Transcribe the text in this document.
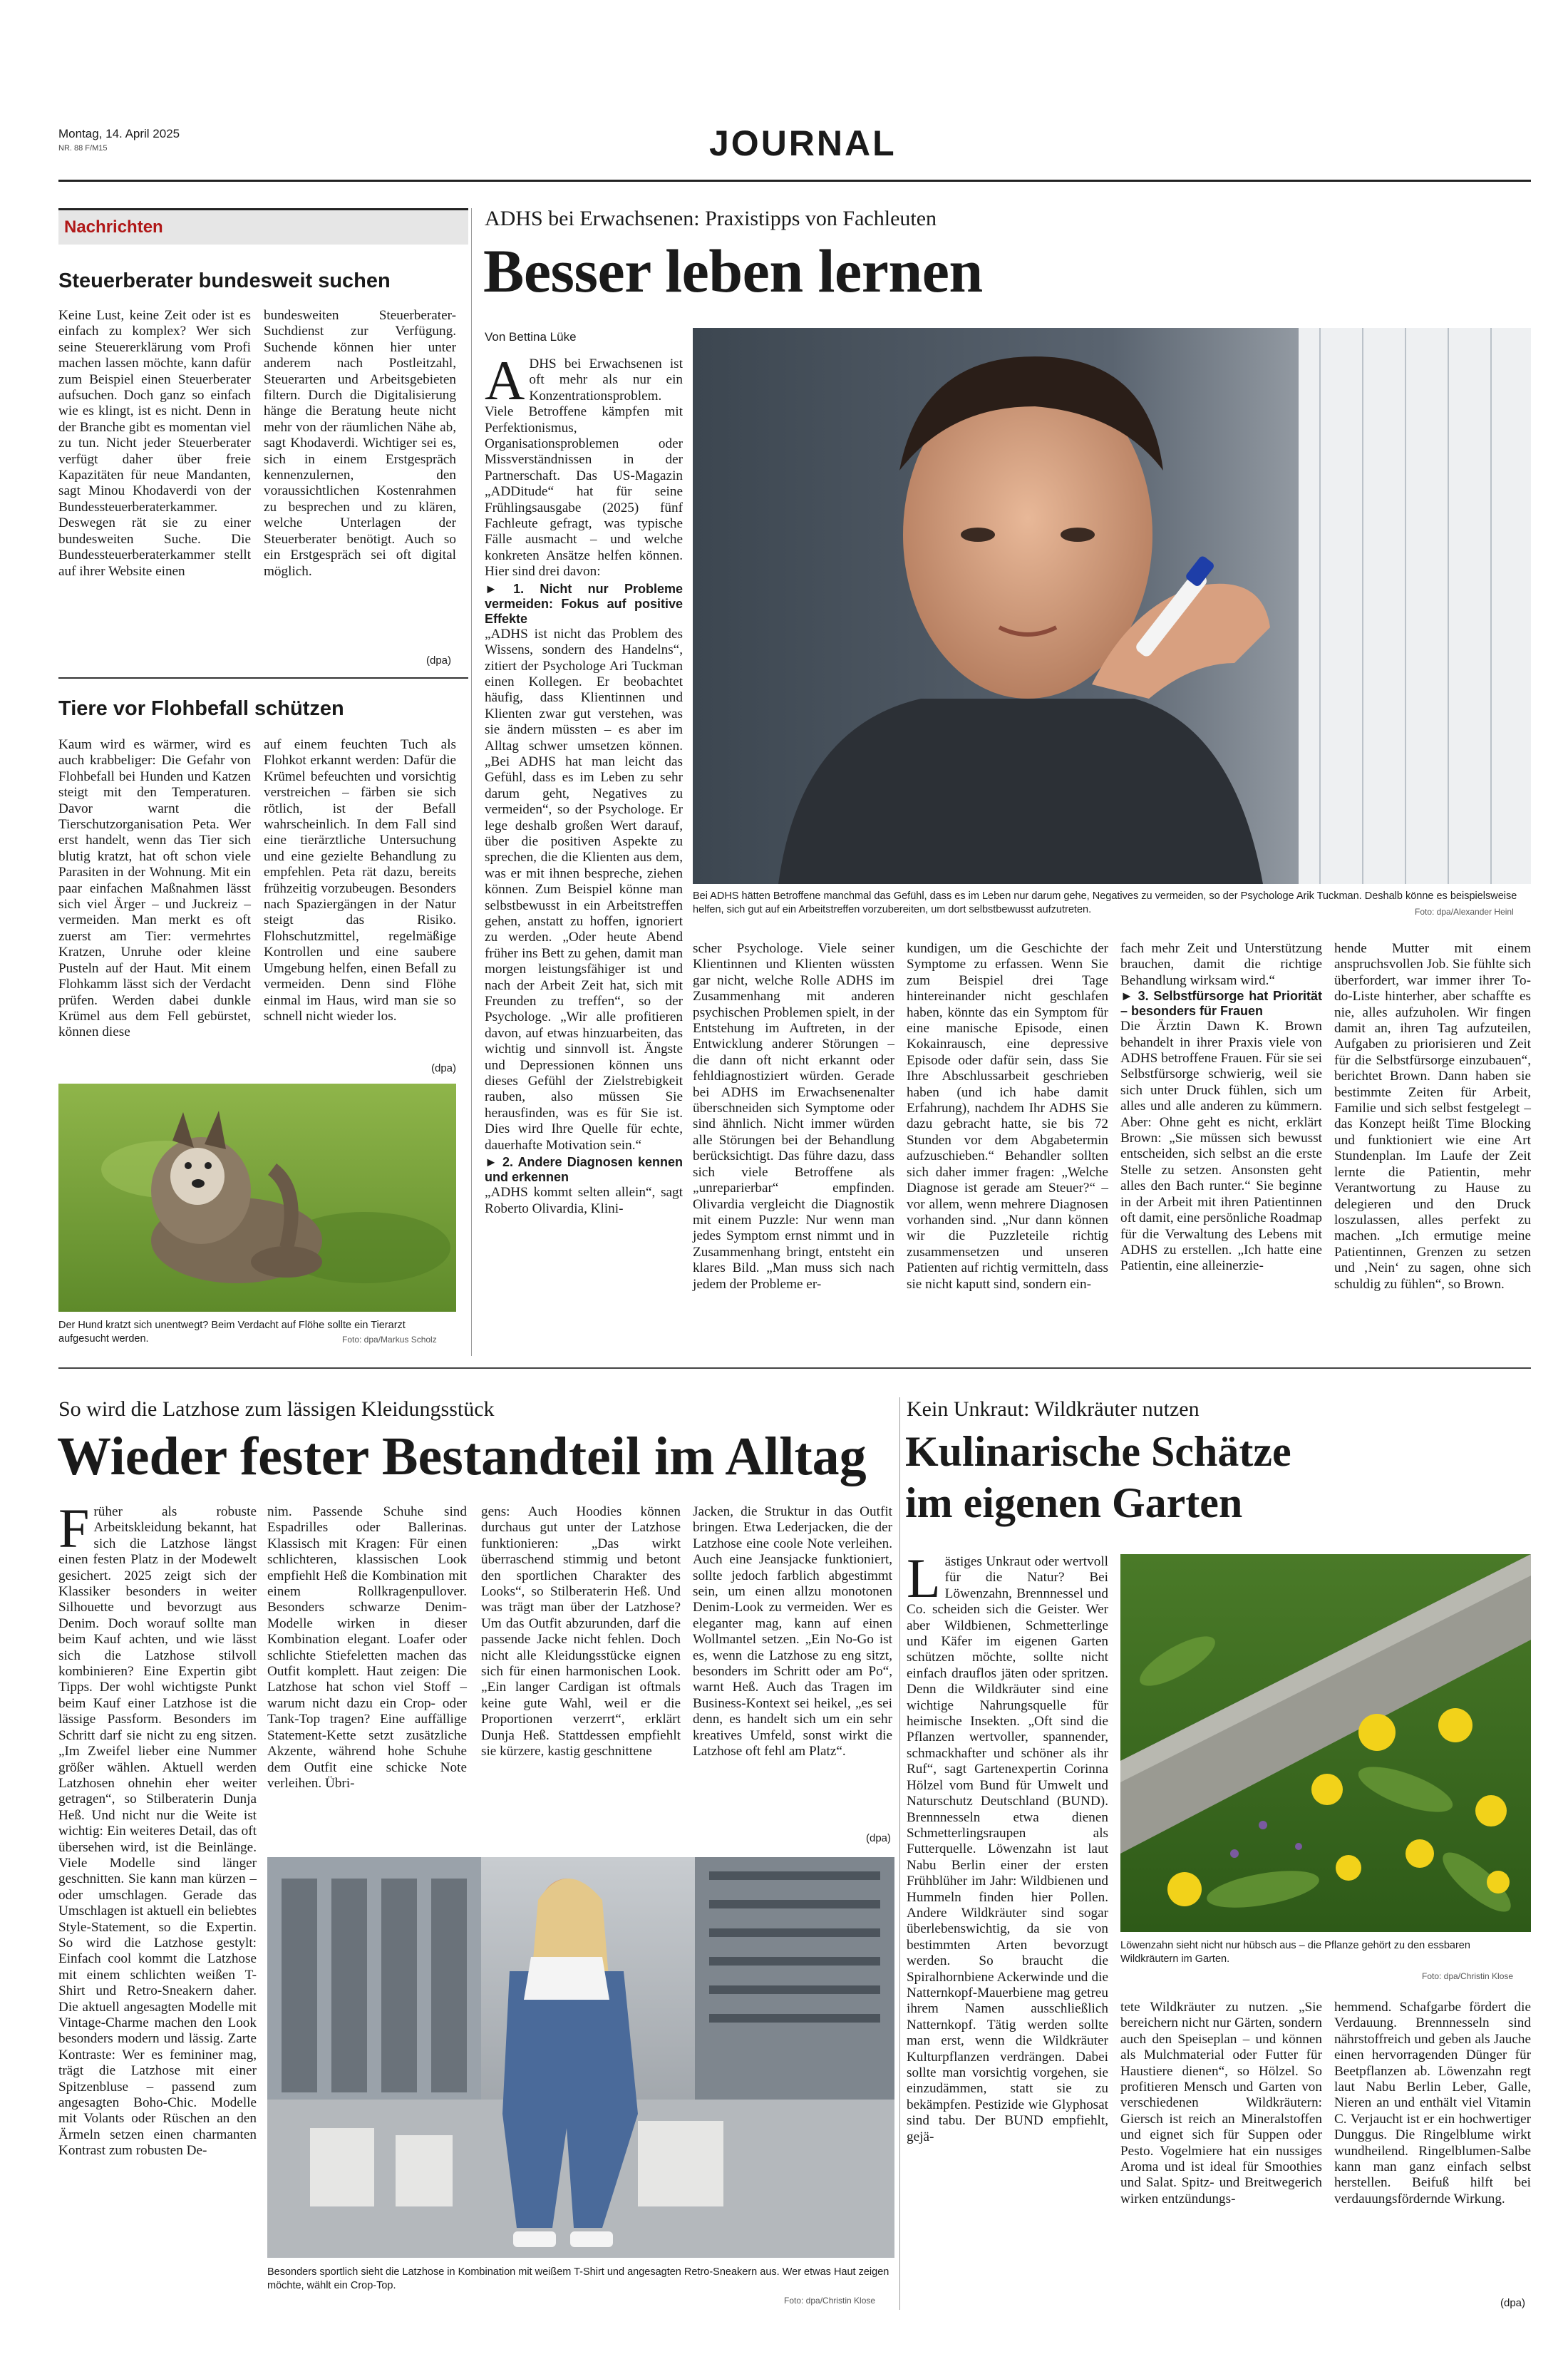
Montag, 14. April 2025
NR. 88 F/M15	JOURNAL
Nachrichten
Steuerberater bundesweit suchen
Keine Lust, keine Zeit oder ist es einfach zu komplex? Wer sich seine Steuererklärung vom Profi machen lassen möchte, kann dafür zum Beispiel einen Steuerberater aufsuchen. Doch ganz so einfach wie es klingt, ist es nicht. Denn in der Branche gibt es momentan viel zu tun. Nicht jeder Steuerberater verfügt daher über freie Kapazitäten für neue Mandanten, sagt Minou Khodaverdi von der Bundessteuerberaterkammer. Deswegen rät sie zu einer bundesweiten Suche. Die Bundessteuerberaterkammer stellt auf ihrer Website einen
bundesweiten Steuerberater-Suchdienst zur Verfügung. Suchende können hier unter anderem nach Postleitzahl, Steuerarten und Arbeitsgebieten filtern. Durch die Digitalisierung hänge die Beratung heute nicht mehr von der räumlichen Nähe ab, sagt Khodaverdi. Wichtiger sei es, sich in einem Erstgespräch kennenzulernen, den voraussichtlichen Kostenrahmen zu besprechen und zu klären, welche Unterlagen der Steuerberater benötigt. Auch so ein Erstgespräch sei oft digital möglich.
(dpa)
Tiere vor Flohbefall schützen
Kaum wird es wärmer, wird es auch krabbeliger: Die Gefahr von Flohbefall bei Hunden und Katzen steigt mit den Temperaturen. Davor warnt die Tierschutzorganisation Peta. Wer erst handelt, wenn das Tier sich blutig kratzt, hat oft schon viele Parasiten in der Wohnung. Mit ein paar einfachen Maßnahmen lässt sich viel Ärger – und Juckreiz – vermeiden. Man merkt es oft zuerst am Tier: vermehrtes Kratzen, Unruhe oder kleine Pusteln auf der Haut. Mit einem Flohkamm lässt sich der Verdacht prüfen. Werden dabei dunkle Krümel aus dem Fell gebürstet, können diese
auf einem feuchten Tuch als Flohkot erkannt werden: Dafür die Krümel befeuchten und vorsichtig verstreichen – färben sie sich rötlich, ist der Befall wahrscheinlich. In dem Fall sind eine tierärztliche Untersuchung und eine gezielte Behandlung zu empfehlen. Peta rät dazu, bereits frühzeitig vorzubeugen. Besonders nach Spaziergängen in der Natur steigt das Risiko. Flohschutzmittel, regelmäßige Kontrollen und eine saubere Umgebung helfen, einen Befall zu vermeiden. Denn sind Flöhe einmal im Haus, wird man sie so schnell nicht wieder los.
(dpa)
Der Hund kratzt sich unentwegt? Beim Verdacht auf Flöhe sollte ein Tierarzt aufgesucht werden.	Foto: dpa/Markus Scholz
ADHS bei Erwachsenen: Praxistipps von Fachleuten
Besser leben lernen
Von Bettina Lüke
A DHS bei Erwachsenen ist oft mehr als nur ein Konzentrationsproblem. Viele Betroffene kämpfen mit Perfektionismus, Organisationsproblemen oder Missverständnissen in der Partnerschaft. Das US-Magazin „ADDitude“ hat für seine Frühlingsausgabe (2025) fünf Fachleute gefragt, was typische Fälle ausmacht – und welche konkreten Ansätze helfen können. Hier sind drei davon:
► 1. Nicht nur Probleme vermeiden: Fokus auf positive Effekte
„ADHS ist nicht das Problem des Wissens, sondern des Handelns“, zitiert der Psychologe Ari Tuckman einen Kollegen. Er beobachtet häufig, dass Klientinnen und Klienten zwar gut verstehen, was sie ändern müssten – es aber im Alltag schwer umsetzen können. „Bei ADHS hat man leicht das Gefühl, dass es im Leben zu sehr darum geht, Negatives zu vermeiden“, so der Psychologe. Er lege deshalb großen Wert darauf, über die positiven Aspekte zu sprechen, die die Klienten aus dem, was er mit ihnen bespreche, ziehen können. Zum Beispiel könne man selbstbewusst in ein Arbeitstreffen gehen, anstatt zu hoffen, ignoriert zu werden. „Oder heute Abend früher ins Bett zu gehen, damit man morgen leistungsfähiger ist und nach der Arbeit Zeit hat, sich mit Freunden zu treffen“, so der Psychologe. „Wir alle profitieren davon, auf etwas hinzuarbeiten, das wichtig und sinnvoll ist. Ängste und Depressionen können uns dieses Gefühl der Zielstrebigkeit rauben, also müssen Sie herausfinden, was es für Sie ist. Dies wird Ihre Quelle für echte, dauerhafte Motivation sein.“
► 2. Andere Diagnosen kennen und erkennen
„ADHS kommt selten allein“, sagt Roberto Olivardia, Klini-
Bei ADHS hätten Betroffene manchmal das Gefühl, dass es im Leben nur darum gehe, Negatives zu vermeiden, so der Psychologe Arik Tuckman. Deshalb könne es beispielsweise helfen, sich gut auf ein Arbeitstreffen vorzubereiten, um dort selbstbewusst aufzutreten.	Foto: dpa/Alexander Heinl
scher Psychologe. Viele seiner Klientinnen und Klienten wüssten gar nicht, welche Rolle ADHS im Zusammenhang mit anderen psychischen Problemen spielt, in der Entstehung im Auftreten, in der Entwicklung anderer Störungen – die dann oft nicht erkannt oder fehldiagnostiziert würden. Gerade bei ADHS im Erwachsenenalter überschneiden sich Symptome oder sind ähnlich. Nicht immer würden alle Störungen bei der Behandlung berücksichtigt. Das führe dazu, dass sich viele Betroffene als „unreparierbar“ empfinden. Olivardia vergleicht die Diagnostik mit einem Puzzle: Nur wenn man jedes Symptom ernst nimmt und in Zusammenhang bringt, entsteht ein klares Bild. „Man muss sich nach jedem der Probleme er-
kundigen, um die Geschichte der Symptome zu erfassen. Wenn Sie zum Beispiel drei Tage hintereinander nicht geschlafen haben, könnte das ein Symptom für eine manische Episode, einen Kokainrausch, eine depressive Episode oder dafür sein, dass Sie Ihre Abschlussarbeit geschrieben haben (und ich habe damit Erfahrung), nachdem Ihr ADHS Sie dazu gebracht hatte, sie bis 72 Stunden vor dem Abgabetermin aufzuschieben.“ Behandler sollten sich daher immer fragen: „Welche Diagnose ist gerade am Steuer?“ – vor allem, wenn mehrere Diagnosen vorhanden sind. „Nur dann können wir die Puzzleteile richtig zusammensetzen und unseren Patienten auf richtig vermitteln, dass sie nicht kaputt sind, sondern ein-
fach mehr Zeit und Unterstützung brauchen, damit die richtige Behandlung wirksam wird.“
► 3. Selbstfürsorge hat Priorität – besonders für Frauen
Die Ärztin Dawn K. Brown behandelt in ihrer Praxis viele von ADHS betroffene Frauen. Für sie sei Selbstfürsorge schwierig, weil sie sich unter Druck fühlen, sich um alles und alle anderen zu kümmern. Aber: Ohne geht es nicht, erklärt Brown: „Sie müssen sich bewusst entscheiden, sich selbst an die erste Stelle zu setzen. Ansonsten geht alles den Bach runter.“ Sie beginne in der Arbeit mit ihren Patientinnen oft damit, eine persönliche Roadmap für die Verwaltung des Lebens mit ADHS zu erstellen. „Ich hatte eine Patientin, eine alleinerzie-
hende Mutter mit einem anspruchsvollen Job. Sie fühlte sich überfordert, war immer ihrer To-do-Liste hinterher, aber schaffte es nie, alles aufzuholen. Wir fingen damit an, ihren Tag aufzuteilen, Aufgaben zu priorisieren und Zeit für die Selbstfürsorge einzubauen“, berichtet Brown. Dann haben sie bestimmte Zeiten für Arbeit, Familie und sich selbst festgelegt – das Konzept heißt Time Blocking und funktioniert wie eine Art Stundenplan. Im Laufe der Zeit lernte die Patientin, mehr Verantwortung zu Hause zu delegieren und den Druck loszulassen, alles perfekt zu machen. „Ich ermutige meine Patientinnen, Grenzen zu setzen und ‚Nein‘ zu sagen, ohne sich schuldig zu fühlen“, so Brown.
So wird die Latzhose zum lässigen Kleidungsstück
Wieder fester Bestandteil im Alltag
F rüher als robuste Arbeitskleidung bekannt, hat sich die Latzhose längst einen festen Platz in der Modewelt gesichert. 2025 zeigt sich der Klassiker besonders in weiter Silhouette und bevorzugt aus Denim. Doch worauf sollte man beim Kauf achten, und wie lässt sich die Latzhose stilvoll kombinieren? Eine Expertin gibt Tipps. Der wohl wichtigste Punkt beim Kauf einer Latzhose ist die lässige Passform. Besonders im Schritt darf sie nicht zu eng sitzen. „Im Zweifel lieber eine Nummer größer wählen. Aktuell werden Latzhosen ohnehin eher weiter getragen“, so Stilberaterin Dunja Heß. Und nicht nur die Weite ist wichtig: Ein weiteres Detail, das oft übersehen wird, ist die Beinlänge. Viele Modelle sind länger geschnitten. Sie kann man kürzen – oder umschlagen. Gerade das Umschlagen ist aktuell ein beliebtes Style-Statement, so die Expertin. So wird die Latzhose gestylt: Einfach cool kommt die Latzhose mit einem schlichten weißen T-Shirt und Retro-Sneakern daher. Die aktuell angesagten Modelle mit Vintage-Charme machen den Look besonders modern und lässig. Zarte Kontraste: Wer es femininer mag, trägt die Latzhose mit einer Spitzenbluse – passend zum angesagten Boho-Chic. Modelle mit Volants oder Rüschen an den Ärmeln setzen einen charmanten Kontrast zum robusten De-
nim. Passende Schuhe sind Espadrilles oder Ballerinas. Klassisch mit Kragen: Für einen schlichteren, klassischen Look empfiehlt Heß die Kombination mit einem Rollkragenpullover. Besonders schwarze Denim-Modelle wirken in dieser Kombination elegant. Loafer oder schlichte Stiefeletten machen das Outfit komplett. Haut zeigen: Die Latzhose hat schon viel Stoff – warum nicht dazu ein Crop- oder Tank-Top tragen? Eine auffällige Statement-Kette setzt zusätzliche Akzente, während hohe Schuhe dem Outfit eine schicke Note verleihen. Übri-
gens: Auch Hoodies können durchaus gut unter der Latzhose funktionieren: „Das wirkt überraschend stimmig und betont den sportlichen Charakter des Looks“, so Stilberaterin Heß. Und was trägt man über der Latzhose? Um das Outfit abzurunden, darf die passende Jacke nicht fehlen. Doch nicht alle Kleidungsstücke eignen sich für einen harmonischen Look. „Ein langer Cardigan ist oftmals keine gute Wahl, weil er die Proportionen verzerrt“, erklärt Dunja Heß. Stattdessen empfiehlt sie kürzere, kastig geschnittene
Jacken, die Struktur in das Outfit bringen. Etwa Lederjacken, die der Latzhose eine coole Note verleihen. Auch eine Jeansjacke funktioniert, sollte jedoch farblich abgestimmt sein, um einen allzu monotonen Denim-Look zu vermeiden. Wer es eleganter mag, kann auf einen Wollmantel setzen. „Ein No-Go ist es, wenn die Latzhose zu eng sitzt, besonders im Schritt oder am Po“, warnt Heß. Auch das Tragen im Business-Kontext sei heikel, „es sei denn, es handelt sich um ein sehr kreatives Umfeld, sonst wirkt die Latzhose oft fehl am Platz“.
(dpa)
Besonders sportlich sieht die Latzhose in Kombination mit weißem T-Shirt und angesagten Retro-Sneakern aus. Wer etwas Haut zeigen möchte, wählt ein Crop-Top.
Foto: dpa/Christin Klose
Kein Unkraut: Wildkräuter nutzen
Kulinarische Schätze
im eigenen Garten
L ästiges Unkraut oder wertvoll für die Natur? Bei Löwenzahn, Brennnessel und Co. scheiden sich die Geister. Wer aber Wildbienen, Schmetterlinge und Käfer im eigenen Garten schützen möchte, sollte nicht einfach drauflos jäten oder spritzen. Denn die Wildkräuter sind eine wichtige Nahrungsquelle für heimische Insekten. „Oft sind die Pflanzen wertvoller, spannender, schmackhafter und schöner als ihr Ruf“, sagt Gartenexpertin Corinna Hölzel vom Bund für Umwelt und Naturschutz Deutschland (BUND). Brennnesseln etwa dienen Schmetterlingsraupen als Futterquelle. Löwenzahn ist laut Nabu Berlin einer der ersten Frühblüher im Jahr: Wildbienen und Hummeln finden hier Pollen. Andere Wildkräuter sind sogar überlebenswichtig, da sie von bestimmten Arten bevorzugt werden. So braucht die Spiralhornbiene Ackerwinde und die Natternkopf-Mauerbiene mag getreu ihrem Namen ausschließlich Natternkopf. Tätig werden sollte man erst, wenn die Wildkräuter Kulturpflanzen verdrängen. Dabei sollte man vorsichtig vorgehen, sie einzudämmen, statt sie zu bekämpfen. Pestizide wie Glyphosat sind tabu. Der BUND empfiehlt, gejä-
Löwenzahn sieht nicht nur hübsch aus – die Pflanze gehört zu den essbaren Wildkräutern im Garten.
Foto: dpa/Christin Klose
tete Wildkräuter zu nutzen. „Sie bereichern nicht nur Gärten, sondern auch den Speiseplan – und können als Mulchmaterial oder Futter für Haustiere dienen“, so Hölzel. So profitieren Mensch und Garten von verschiedenen Wildkräutern: Giersch ist reich an Mineralstoffen und eignet sich für Suppen oder Pesto. Vogelmiere hat ein nussiges Aroma und ist ideal für Smoothies und Salat. Spitz- und Breitwegerich wirken entzündungs-
hemmend. Schafgarbe fördert die Verdauung. Brennnesseln sind nährstoffreich und geben als Jauche einen hervorragenden Dünger für Beetpflanzen ab. Löwenzahn regt laut Nabu Berlin Leber, Galle, Nieren an und enthält viel Vitamin C. Verjaucht ist er ein hochwertiger Dunggus. Die Ringelblume wirkt wundheilend. Ringelblumen-Salbe kann man ganz einfach selbst herstellen. Beifuß hilft bei verdauungsfördernde Wirkung.
(dpa)
